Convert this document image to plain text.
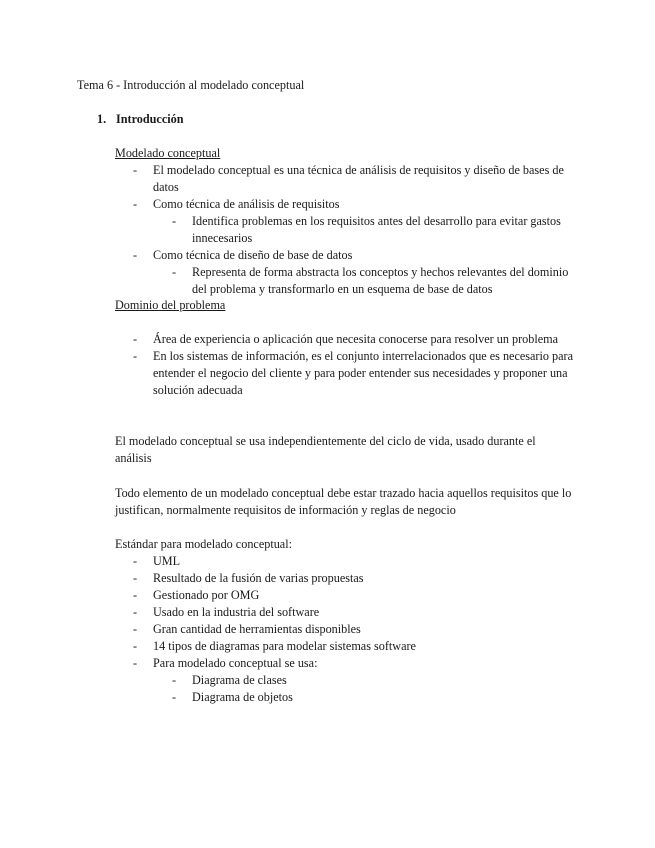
Tema 6 - Introducción al modelado conceptual
1. Introducción
Modelado conceptual
- El modelado conceptual es una técnica de análisis de requisitos y diseño de bases de datos
- Como técnica de análisis de requisitos
- Identifica problemas en los requisitos antes del desarrollo para evitar gastos innecesarios
- Como técnica de diseño de base de datos
- Representa de forma abstracta los conceptos y hechos relevantes del dominio del problema y transformarlo en un esquema de base de datos
Dominio del problema
- Área de experiencia o aplicación que necesita conocerse para resolver un problema
- En los sistemas de información, es el conjunto interrelacionados que es necesario para entender el negocio del cliente y para poder entender sus necesidades y proponer una solución adecuada
El modelado conceptual se usa independientemente del ciclo de vida, usado durante el análisis
Todo elemento de un modelado conceptual debe estar trazado hacia aquellos requisitos que lo justifican, normalmente requisitos de información y reglas de negocio
Estándar para modelado conceptual:
- UML
- Resultado de la fusión de varias propuestas
- Gestionado por OMG
- Usado en la industria del software
- Gran cantidad de herramientas disponibles
- 14 tipos de diagramas para modelar sistemas software
- Para modelado conceptual se usa:
- Diagrama de clases
- Diagrama de objetos
